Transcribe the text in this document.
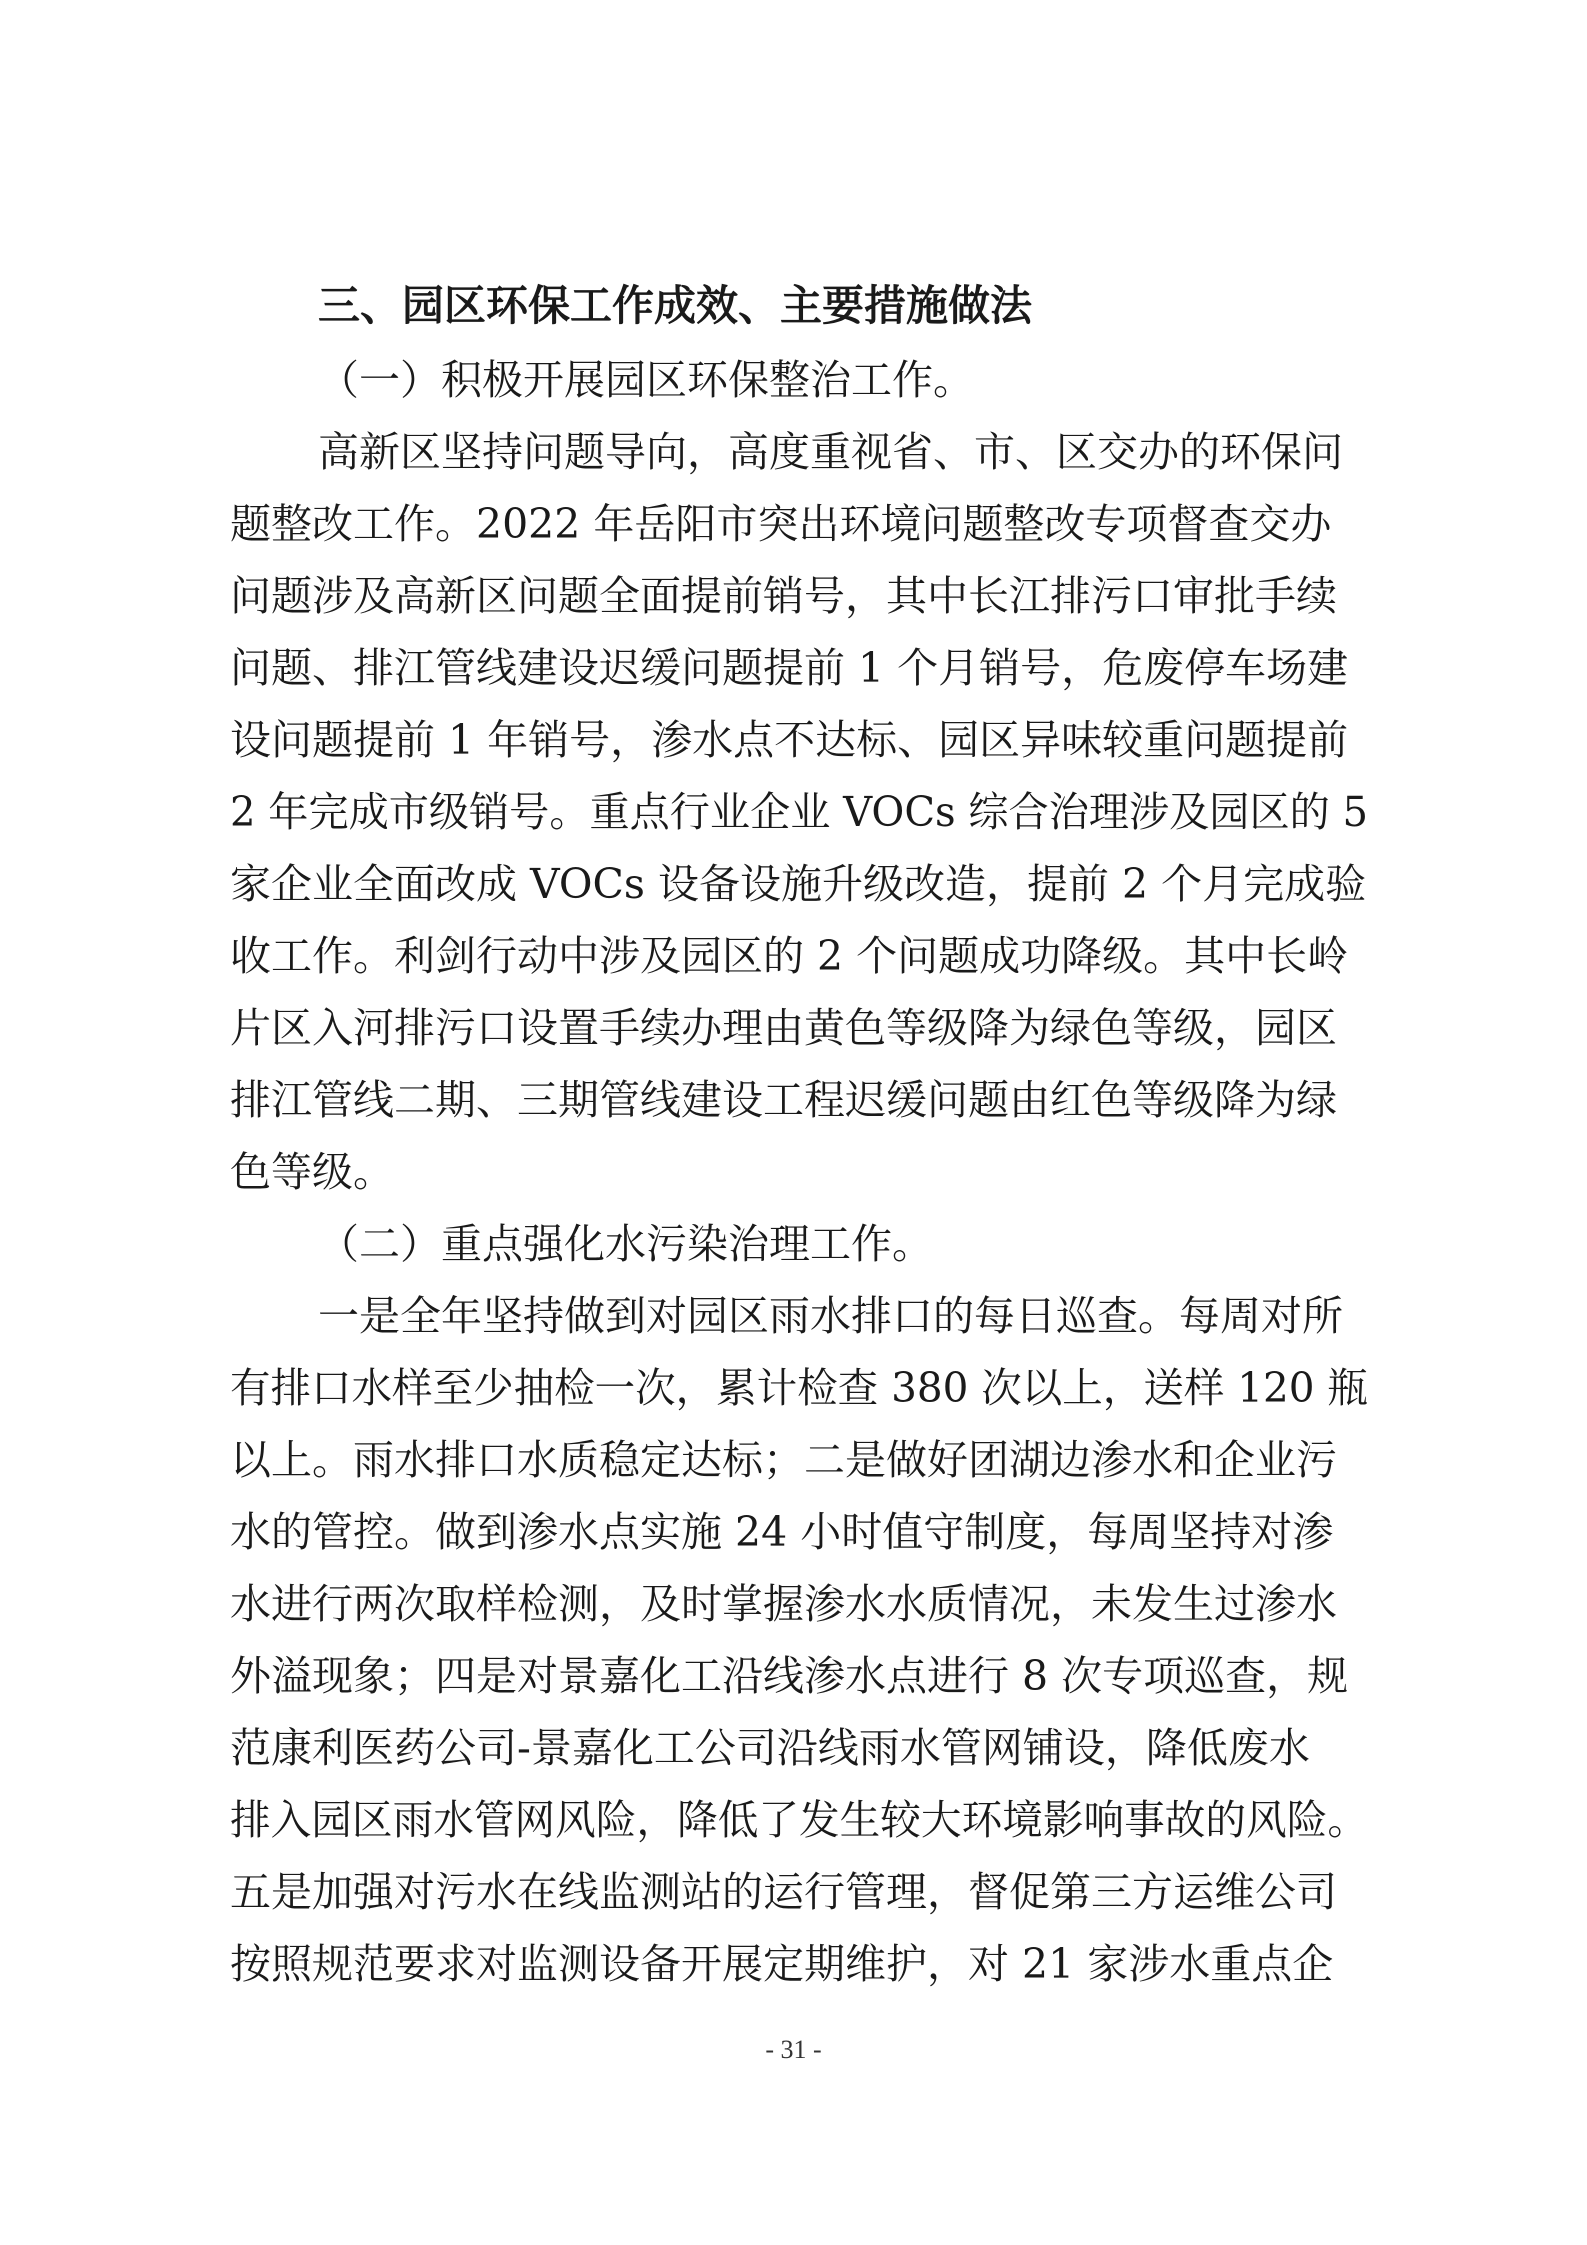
三、园区环保工作成效、主要措施做法
（一）积极开展园区环保整治工作。
高新区坚持问题导向，高度重视省、市、区交办的环保问
题整改工作。2022 年岳阳市突出环境问题整改专项督查交办
问题涉及高新区问题全面提前销号，其中长江排污口审批手续
问题、排江管线建设迟缓问题提前 1 个月销号，危废停车场建
设问题提前 1 年销号，渗水点不达标、园区异味较重问题提前
2 年完成市级销号。重点行业企业 VOCs 综合治理涉及园区的 5
家企业全面改成 VOCs 设备设施升级改造，提前 2 个月完成验
收工作。利剑行动中涉及园区的 2 个问题成功降级。其中长岭
片区入河排污口设置手续办理由黄色等级降为绿色等级，园区
排江管线二期、三期管线建设工程迟缓问题由红色等级降为绿
色等级。
（二）重点强化水污染治理工作。
一是全年坚持做到对园区雨水排口的每日巡查。每周对所
有排口水样至少抽检一次，累计检查 380 次以上，送样 120 瓶
以上。雨水排口水质稳定达标；二是做好团湖边渗水和企业污
水的管控。做到渗水点实施 24 小时值守制度，每周坚持对渗
水进行两次取样检测，及时掌握渗水水质情况，未发生过渗水
外溢现象；四是对景嘉化工沿线渗水点进行 8 次专项巡查，规
范康利医药公司-景嘉化工公司沿线雨水管网铺设，降低废水
排入园区雨水管网风险，降低了发生较大环境影响事故的风险。
五是加强对污水在线监测站的运行管理，督促第三方运维公司
按照规范要求对监测设备开展定期维护，对 21 家涉水重点企
- 31 -
